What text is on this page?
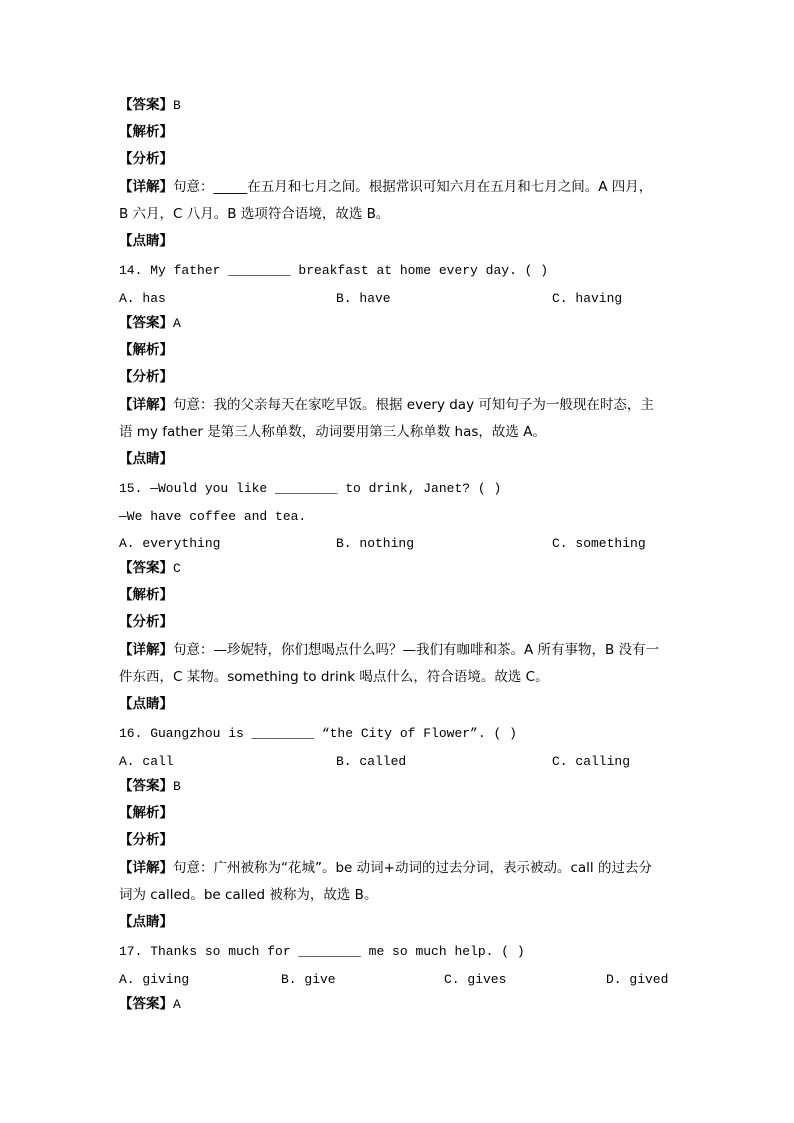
【答案】B
【解析】
【分析】
【详解】句意：_____在五月和七月之间。根据常识可知六月在五月和七月之间。A 四月，
B 六月，C 八月。B 选项符合语境，故选 B。
【点睛】
14. My father ________ breakfast at home every day. ( )
A. has	B. have	C. having
【答案】A
【解析】
【分析】
【详解】句意：我的父亲每天在家吃早饭。根据 every day 可知句子为一般现在时态，主
语 my father 是第三人称单数，动词要用第三人称单数 has，故选 A。
【点睛】
15. —Would you like ________ to drink, Janet? ( )
—We have coffee and tea.
A. everything	B. nothing	C. something
【答案】C
【解析】
【分析】
【详解】句意：—珍妮特，你们想喝点什么吗？—我们有咖啡和茶。A 所有事物，B 没有一
件东西，C 某物。something to drink 喝点什么，符合语境。故选 C。
【点睛】
16. Guangzhou is ________ “the City of Flower”. ( )
A. call	B. called	C. calling
【答案】B
【解析】
【分析】
【详解】句意：广州被称为“花城”。be 动词+动词的过去分词，表示被动。call 的过去分
词为 called。be called 被称为，故选 B。
【点睛】
17. Thanks so much for ________ me so much help. ( )
A. giving	B. give	C. gives	D. gived
【答案】A
